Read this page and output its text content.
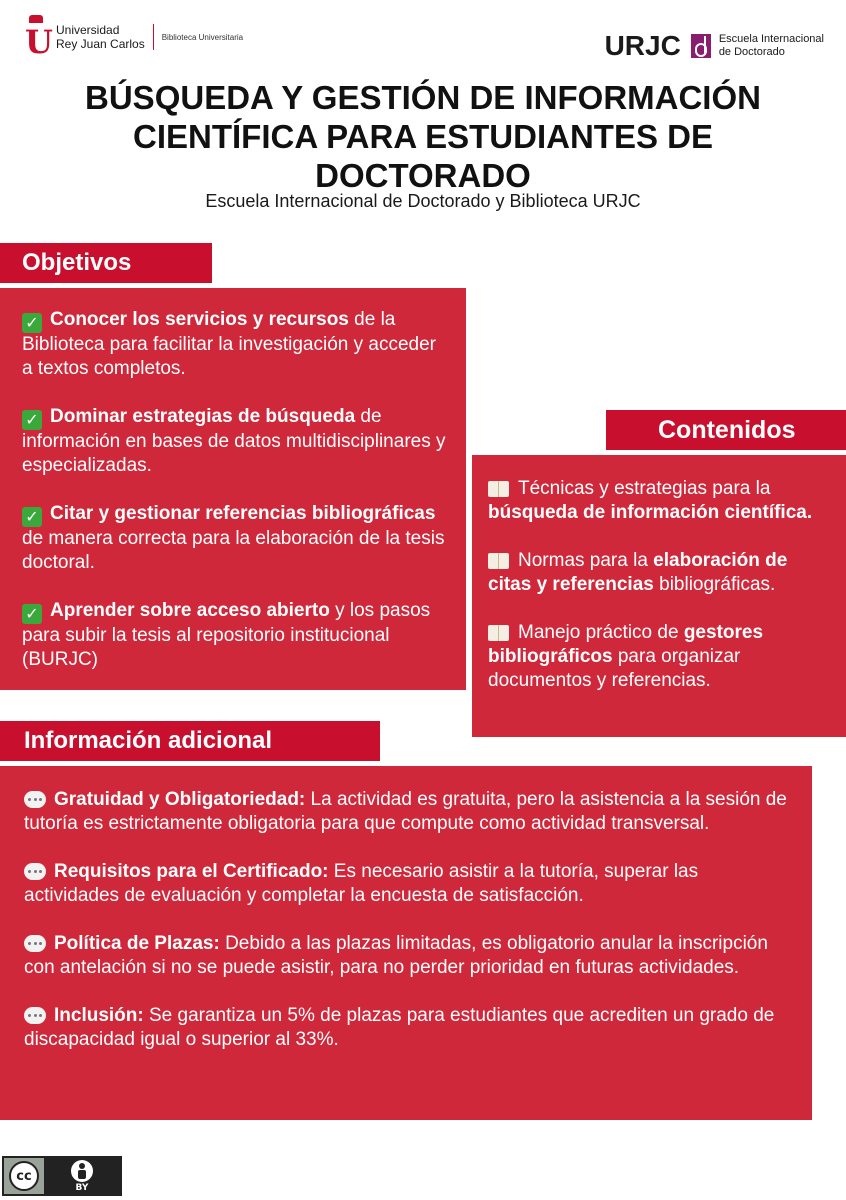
U Universidad
Rey Juan Carlos Biblioteca Universitaria	URJC	Escuela Internacional
de Doctorado
BÚSQUEDA Y GESTIÓN DE INFORMACIÓN
CIENTÍFICA PARA ESTUDIANTES DE
DOCTORADO
Escuela Internacional de Doctorado y Biblioteca URJC
Objetivos
✓ Conocer los servicios y recursos de la Biblioteca para facilitar la investigación y acceder a textos completos.
✓ Dominar estrategias de búsqueda de información en bases de datos multidisciplinares y especializadas.
✓ Citar y gestionar referencias bibliográficas de manera correcta para la elaboración de la tesis doctoral.
✓ Aprender sobre acceso abierto y los pasos para subir la tesis al repositorio institucional (BURJC)
Contenidos
Técnicas y estrategias para la búsqueda de información científica.
Normas para la elaboración de citas y referencias bibliográficas.
Manejo práctico de gestores bibliográficos para organizar documentos y referencias.
Información adicional
Gratuidad y Obligatoriedad: La actividad es gratuita, pero la asistencia a la sesión de tutoría es estrictamente obligatoria para que compute como actividad transversal.
Requisitos para el Certificado: Es necesario asistir a la tutoría, superar las actividades de evaluación y completar la encuesta de satisfacción.
Política de Plazas: Debido a las plazas limitadas, es obligatorio anular la inscripción con antelación si no se puede asistir, para no perder prioridad en futuras actividades.
Inclusión: Se garantiza un 5% de plazas para estudiantes que acrediten un grado de discapacidad igual o superior al 33%.
cc
BY
